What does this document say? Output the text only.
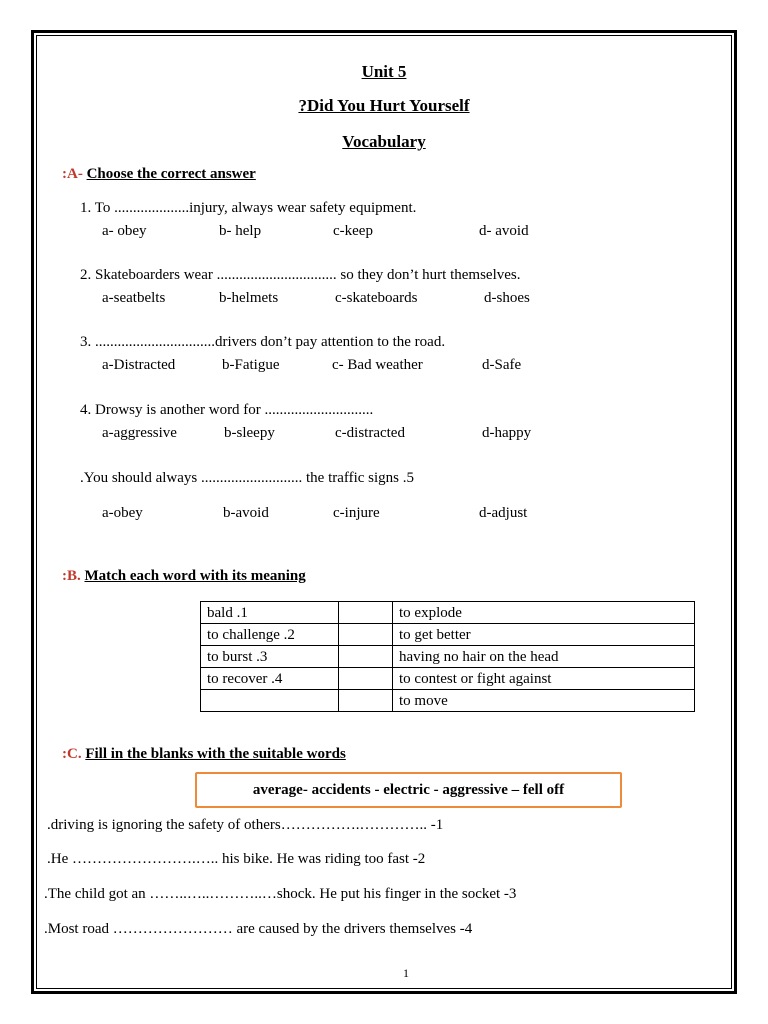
Unit 5
?Did You Hurt Yourself
Vocabulary
:A- Choose the correct answer
1. To ....................injury, always wear safety equipment.
a- obey	b- help	c-keep	d- avoid
2. Skateboarders wear ................................ so they don’t hurt themselves.
a-seatbelts	b-helmets	c-skateboards	d-shoes
3. ................................drivers don’t pay attention to the road.
a-Distracted	b-Fatigue	c- Bad weather	d-Safe
4. Drowsy is another word for .............................
a-aggressive	b-sleepy	c-distracted	d-happy
.You should always ........................... the traffic signs .5
a-obey	b-avoid	c-injure	d-adjust
:B. Match each word with its meaning
bald .1		to explode
to challenge .2		to get better
to burst .3		having no hair on the head
to recover .4		to contest or fight against
		to move
:C. Fill in the blanks with the suitable words
average- accidents - electric - aggressive – fell off
.driving is ignoring the safety of others…………….………….. -1
.He …………………….….. his bike. He was riding too fast -2
.The child got an ……..…..………..…shock. He put his finger in the socket -3
.Most road …………………… are caused by the drivers themselves -4
1
